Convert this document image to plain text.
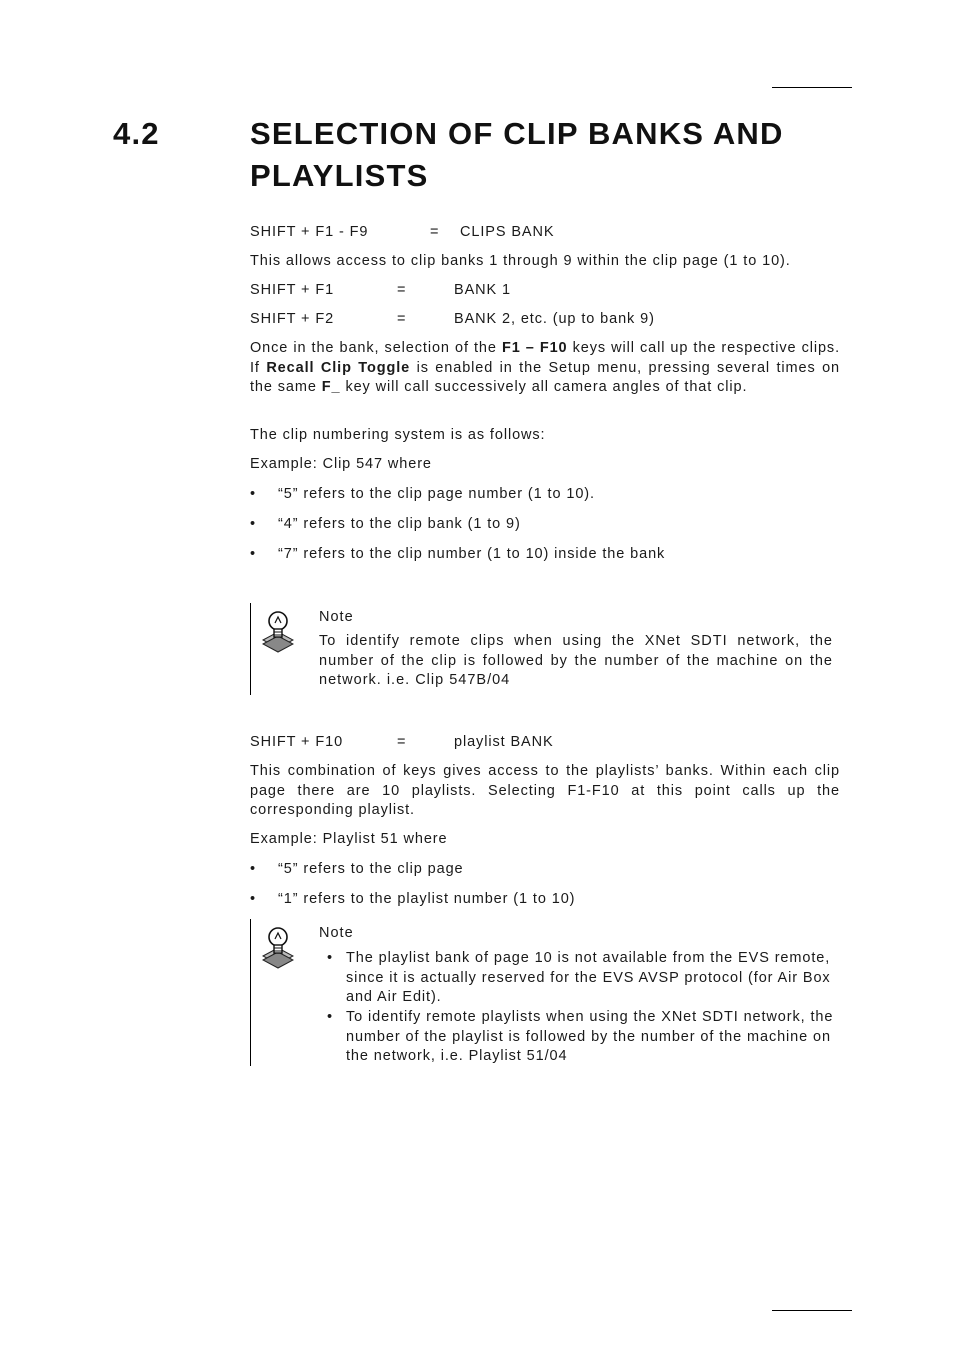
4.2	SELECTION OF CLIP BANKS AND PLAYLISTS
SHIFT + F1 - F9	= CLIPS BANK
This allows access to clip banks 1 through 9 within the clip page (1 to 10).
SHIFT + F1	=	BANK 1
SHIFT + F2	=	BANK 2, etc. (up to bank 9)
Once in the bank, selection of the F1 – F10 keys will call up the respective clips. If Recall Clip Toggle is enabled in the Setup menu, pressing several times on the same F_ key will call successively all camera angles of that clip.
The clip numbering system is as follows:
Example: Clip 547 where
• “5” refers to the clip page number (1 to 10).
• “4” refers to the clip bank (1 to 9)
• “7” refers to the clip number (1 to 10) inside the bank
Note
To identify remote clips when using the XNet SDTI network, the number of the clip is followed by the number of the machine on the network. i.e. Clip 547B/04
SHIFT + F10	=	playlist BANK
This combination of keys gives access to the playlists’ banks. Within each clip page there are 10 playlists. Selecting F1-F10 at this point calls up the corresponding playlist.
Example: Playlist 51 where
• “5” refers to the clip page
• “1” refers to the playlist number (1 to 10)
Note
• The playlist bank of page 10 is not available from the EVS remote, since it is actually reserved for the EVS AVSP protocol (for Air Box and Air Edit).
• To identify remote playlists when using the XNet SDTI network, the number of the playlist is followed by the number of the machine on the network, i.e. Playlist 51/04
